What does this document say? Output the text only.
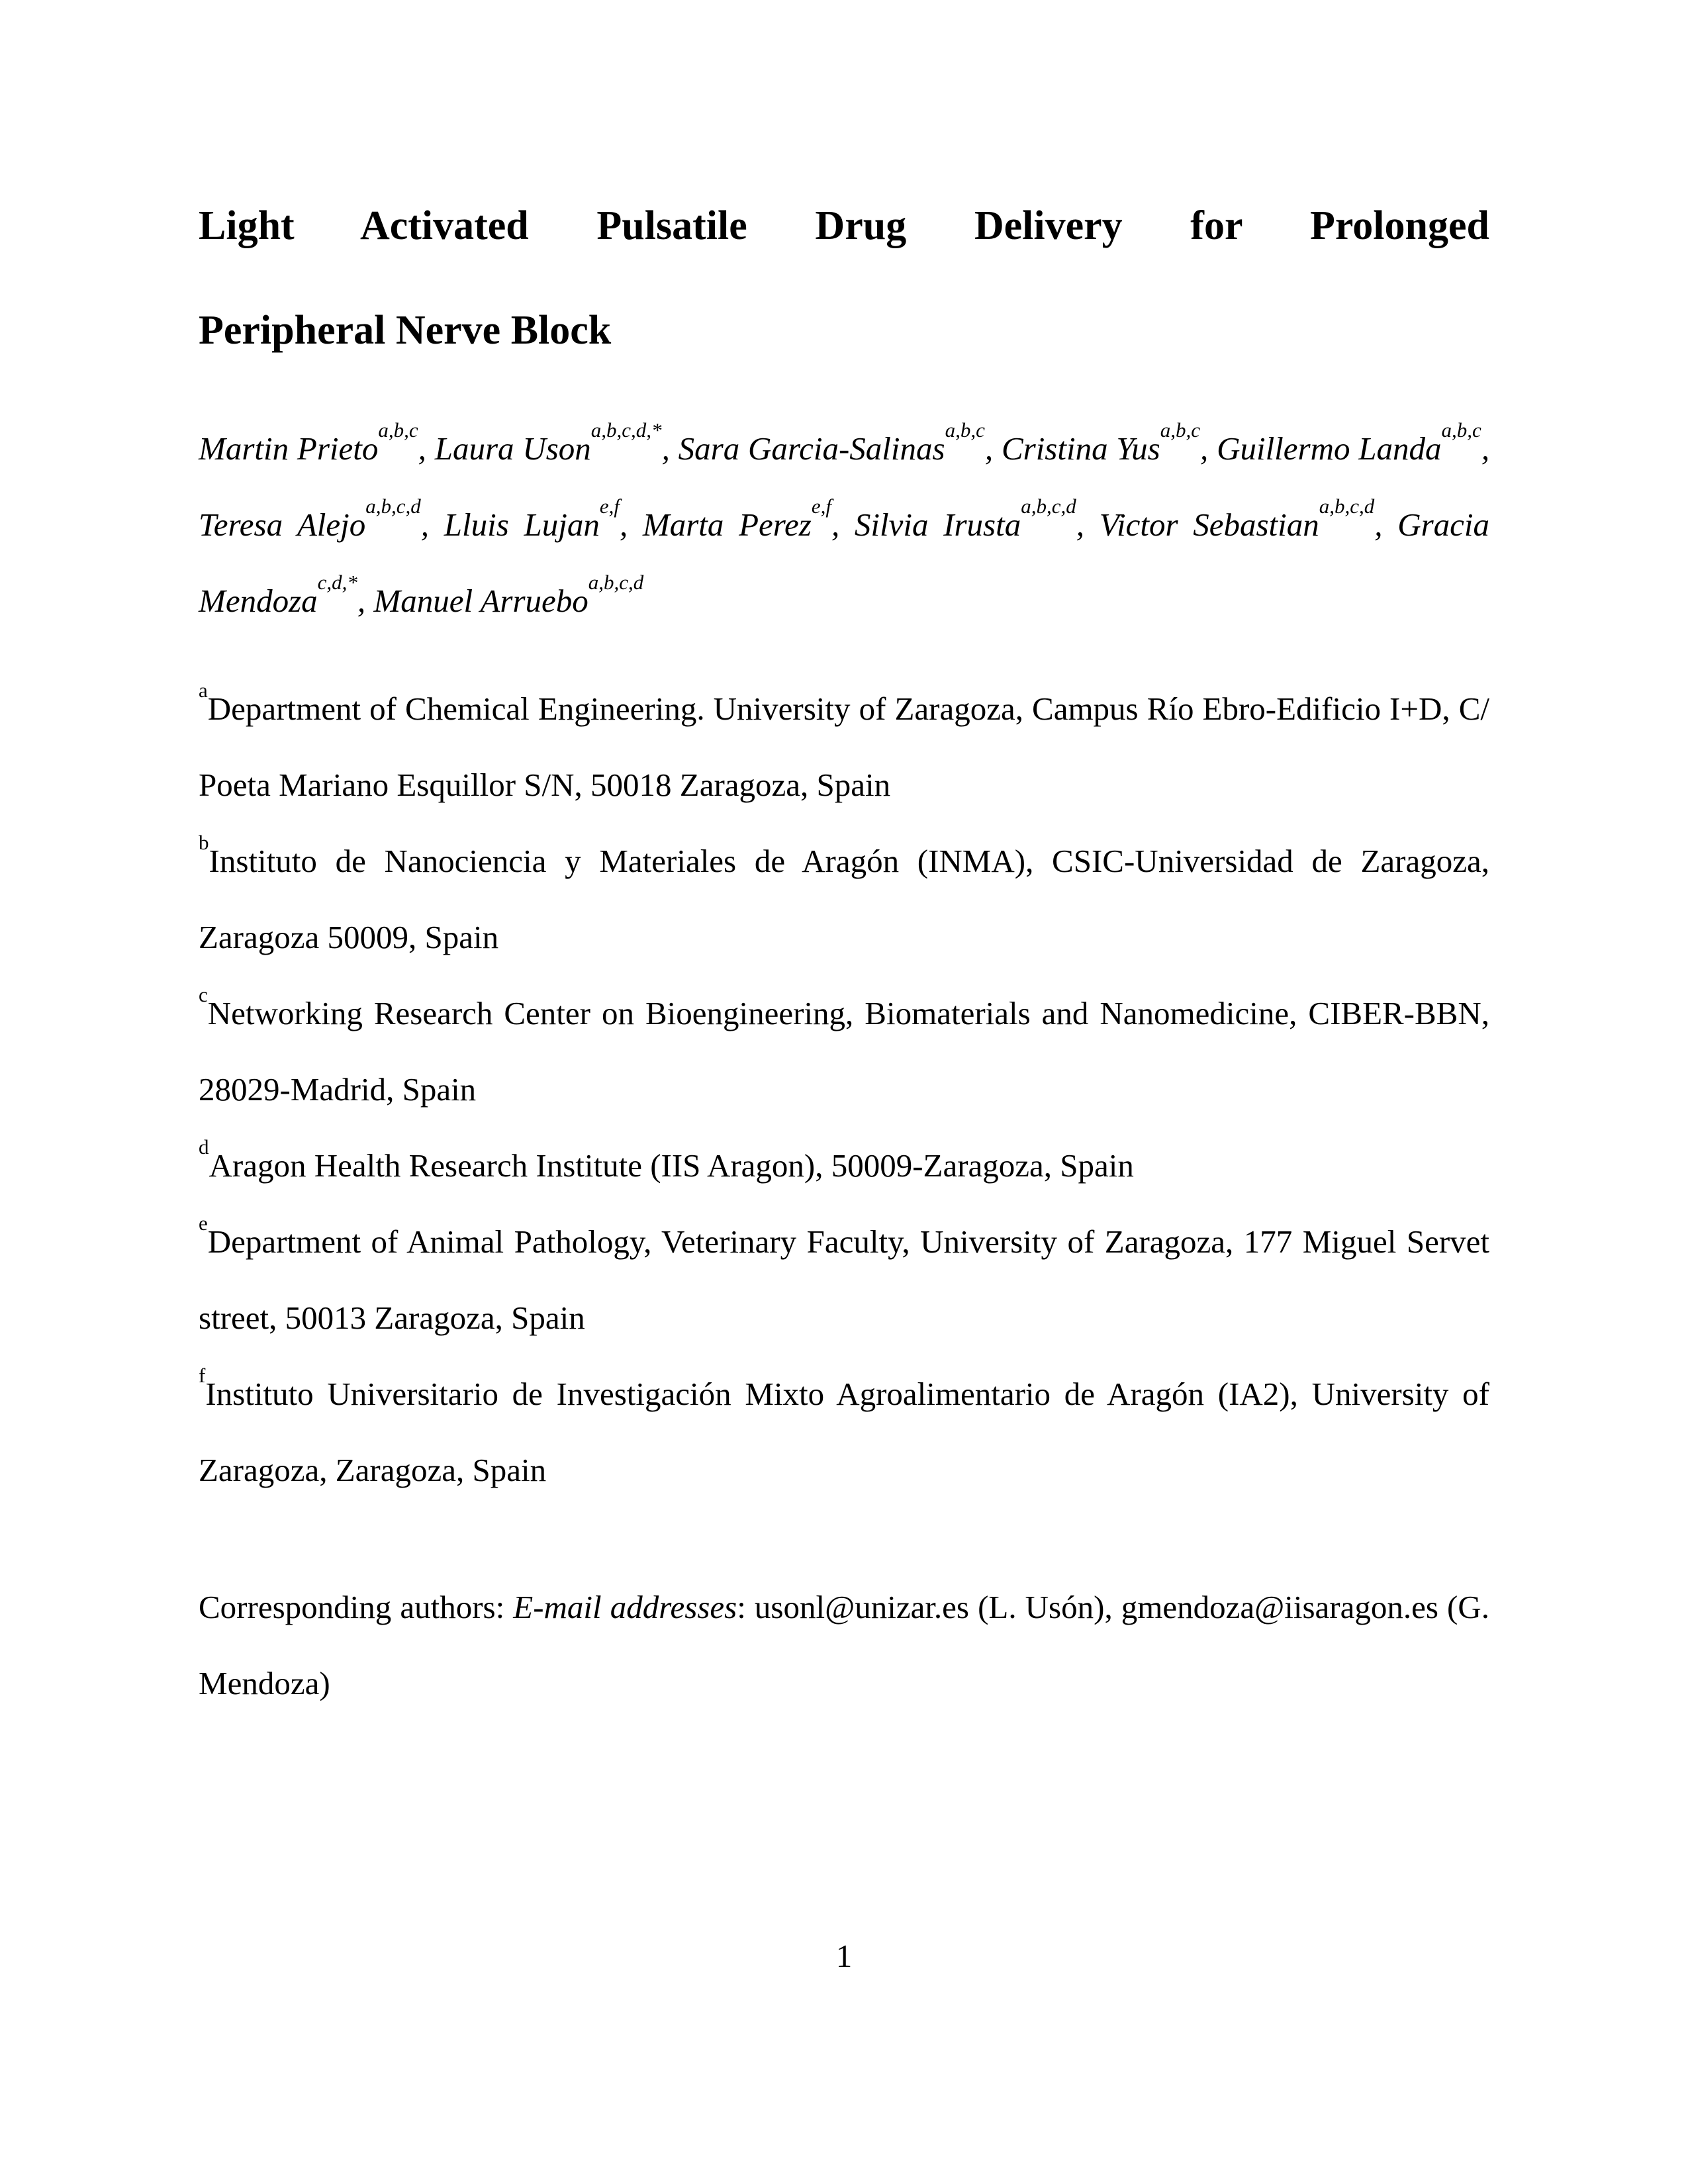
Light Activated Pulsatile Drug Delivery for Prolonged
Peripheral Nerve Block

Martin Prieto$^{a,b,c}$, Laura Uson$^{a,b,c,d,*}$, Sara Garcia-Salinas$^{a,b,c}$, Cristina Yus$^{a,b,c}$, Guillermo Landa$^{a,b,c}$, Teresa Alejo$^{a,b,c,d}$, Lluis Lujan$^{e,f}$, Marta Perez$^{e,f}$, Silvia Irusta$^{a,b,c,d}$, Victor Sebastian$^{a,b,c,d}$, Gracia Mendoza$^{c,d,*}$, Manuel Arruebo$^{a,b,c,d}$

$^a$Department of Chemical Engineering. University of Zaragoza, Campus Río Ebro-Edificio I+D, C/ Poeta Mariano Esquillor S/N, 50018 Zaragoza, Spain

$^b$Instituto de Nanociencia y Materiales de Aragón (INMA), CSIC-Universidad de Zaragoza, Zaragoza 50009, Spain

$^c$Networking Research Center on Bioengineering, Biomaterials and Nanomedicine, CIBER-BBN, 28029-Madrid, Spain

$^d$Aragon Health Research Institute (IIS Aragon), 50009-Zaragoza, Spain

$^e$Department of Animal Pathology, Veterinary Faculty, University of Zaragoza, 177 Miguel Servet street, 50013 Zaragoza, Spain

$^f$Instituto Universitario de Investigación Mixto Agroalimentario de Aragón (IA2), University of Zaragoza, Zaragoza, Spain

Corresponding authors: E-mail addresses: usonl@unizar.es (L. Usón), gmendoza@iisaragon.es (G. Mendoza)

1
